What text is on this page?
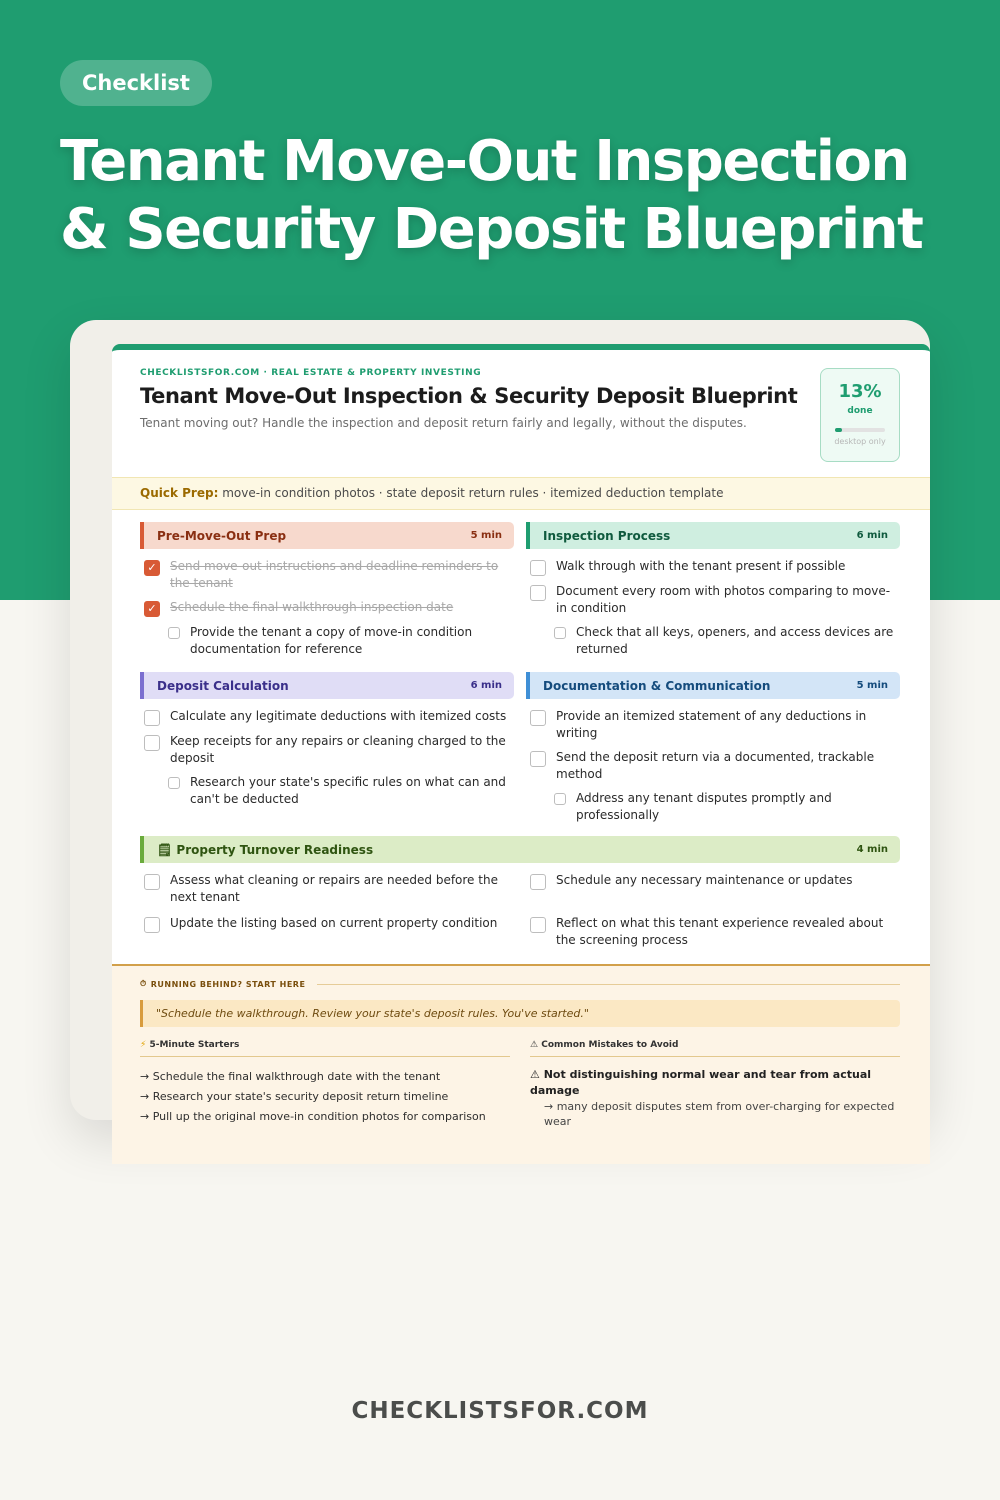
Checklist
Tenant Move-Out Inspection & Security Deposit Blueprint
CHECKLISTSFOR.COM · REAL ESTATE & PROPERTY INVESTING
Tenant Move-Out Inspection & Security Deposit Blueprint
Tenant moving out? Handle the inspection and deposit return fairly and legally, without the disputes.
13%
done
desktop only
Quick Prep: move-in condition photos · state deposit return rules · itemized deduction template
Pre-Move-Out Prep	5 min
✓ Send move-out instructions and deadline reminders to the tenant
✓ Schedule the final walkthrough inspection date
Provide the tenant a copy of move-in condition documentation for reference
Inspection Process	6 min
Walk through with the tenant present if possible
Document every room with photos comparing to move-in condition
Check that all keys, openers, and access devices are returned
Deposit Calculation	6 min
Calculate any legitimate deductions with itemized costs
Keep receipts for any repairs or cleaning charged to the deposit
Research your state's specific rules on what can and can't be deducted
Documentation & Communication	5 min
Provide an itemized statement of any deductions in writing
Send the deposit return via a documented, trackable method
Address any tenant disputes promptly and professionally
🗒 Property Turnover Readiness	4 min
Assess what cleaning or repairs are needed before the next tenant
Update the listing based on current property condition
Schedule any necessary maintenance or updates
Reflect on what this tenant experience revealed about the screening process
⏱ RUNNING BEHIND? START HERE
"Schedule the walkthrough. Review your state's deposit rules. You've started."
⚡ 5-Minute Starters
→ Schedule the final walkthrough date with the tenant
→ Research your state's security deposit return timeline
→ Pull up the original move-in condition photos for comparison
⚠ Common Mistakes to Avoid
⚠ Not distinguishing normal wear and tear from actual damage
→ many deposit disputes stem from over-charging for expected wear
CHECKLISTSFOR.COM
